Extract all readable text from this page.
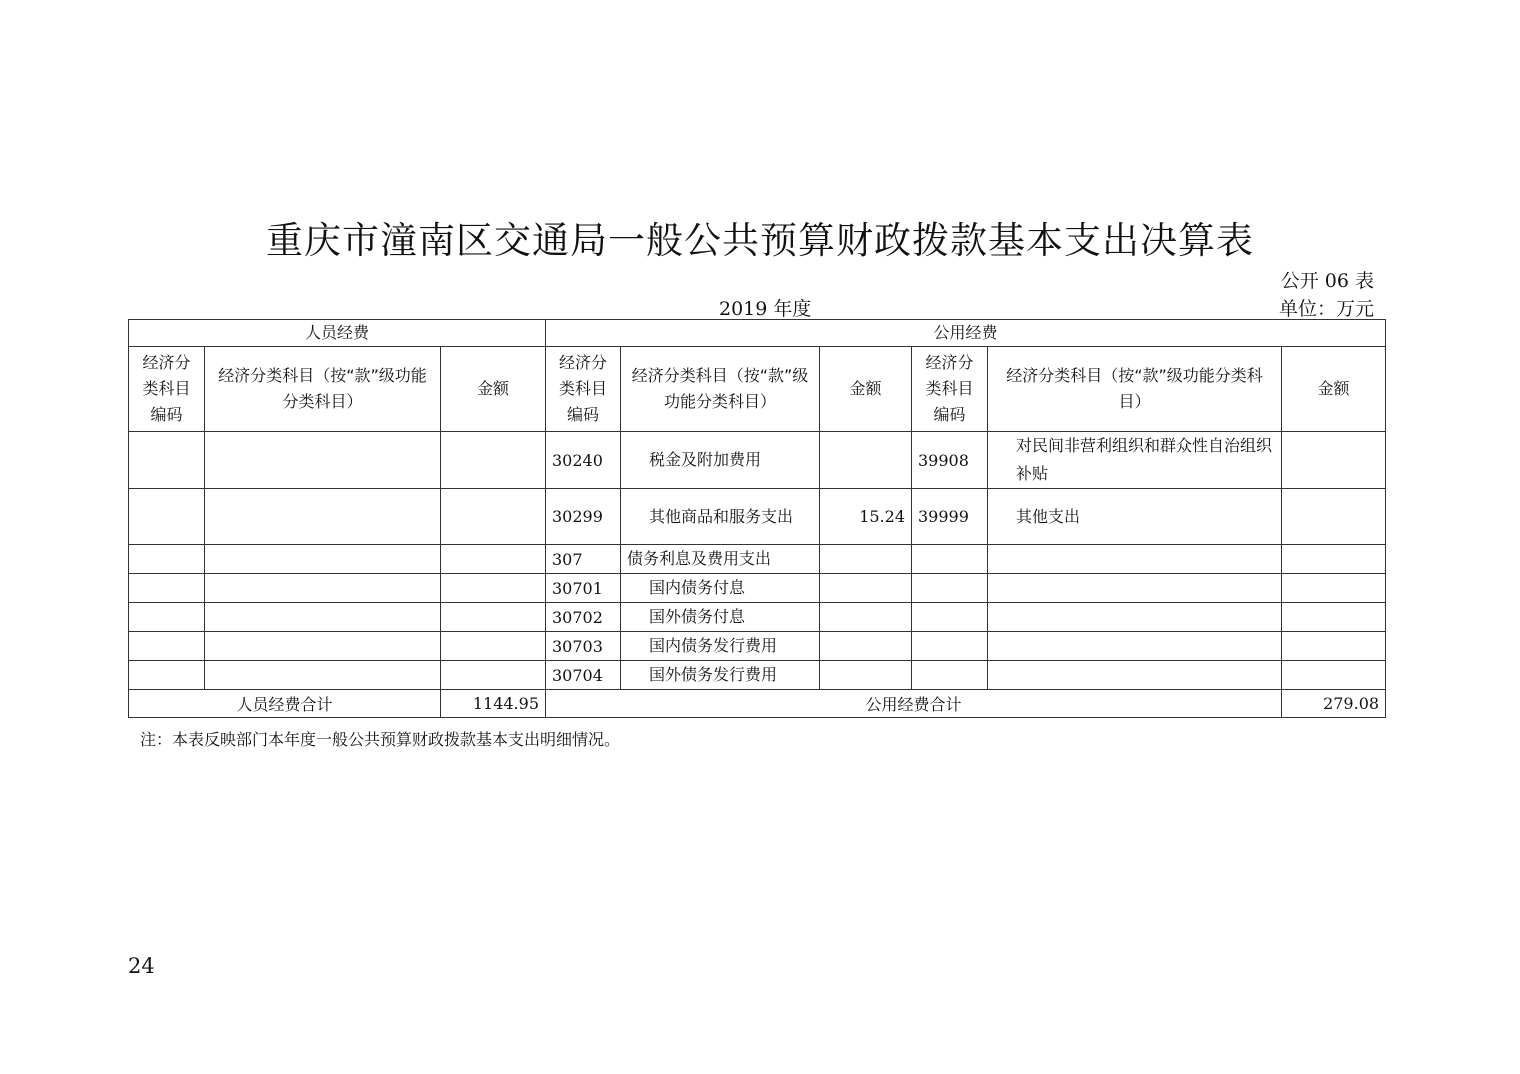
重庆市潼南区交通局一般公共预算财政拨款基本支出决算表
公开 06 表
2019 年度	单位：万元
人员经费			公用经费					
经济分类科目编码	经济分类科目（按“款”级功能分类科目）	金额	经济分类科目编码	经济分类科目（按“款”级功能分类科目）	金额	经济分类科目编码	经济分类科目（按“款”级功能分类科目）	金额
			30240	税金及附加费用		39908	对民间非营利组织和群众性自治组织补贴	
			30299	其他商品和服务支出	15.24	39999	其他支出	
			307	债务利息及费用支出				
			30701	国内债务付息				
			30702	国外债务付息				
			30703	国内债务发行费用				
			30704	国外债务发行费用				
人员经费合计		1144.95	公用经费合计					279.08
注：本表反映部门本年度一般公共预算财政拨款基本支出明细情况。
24
